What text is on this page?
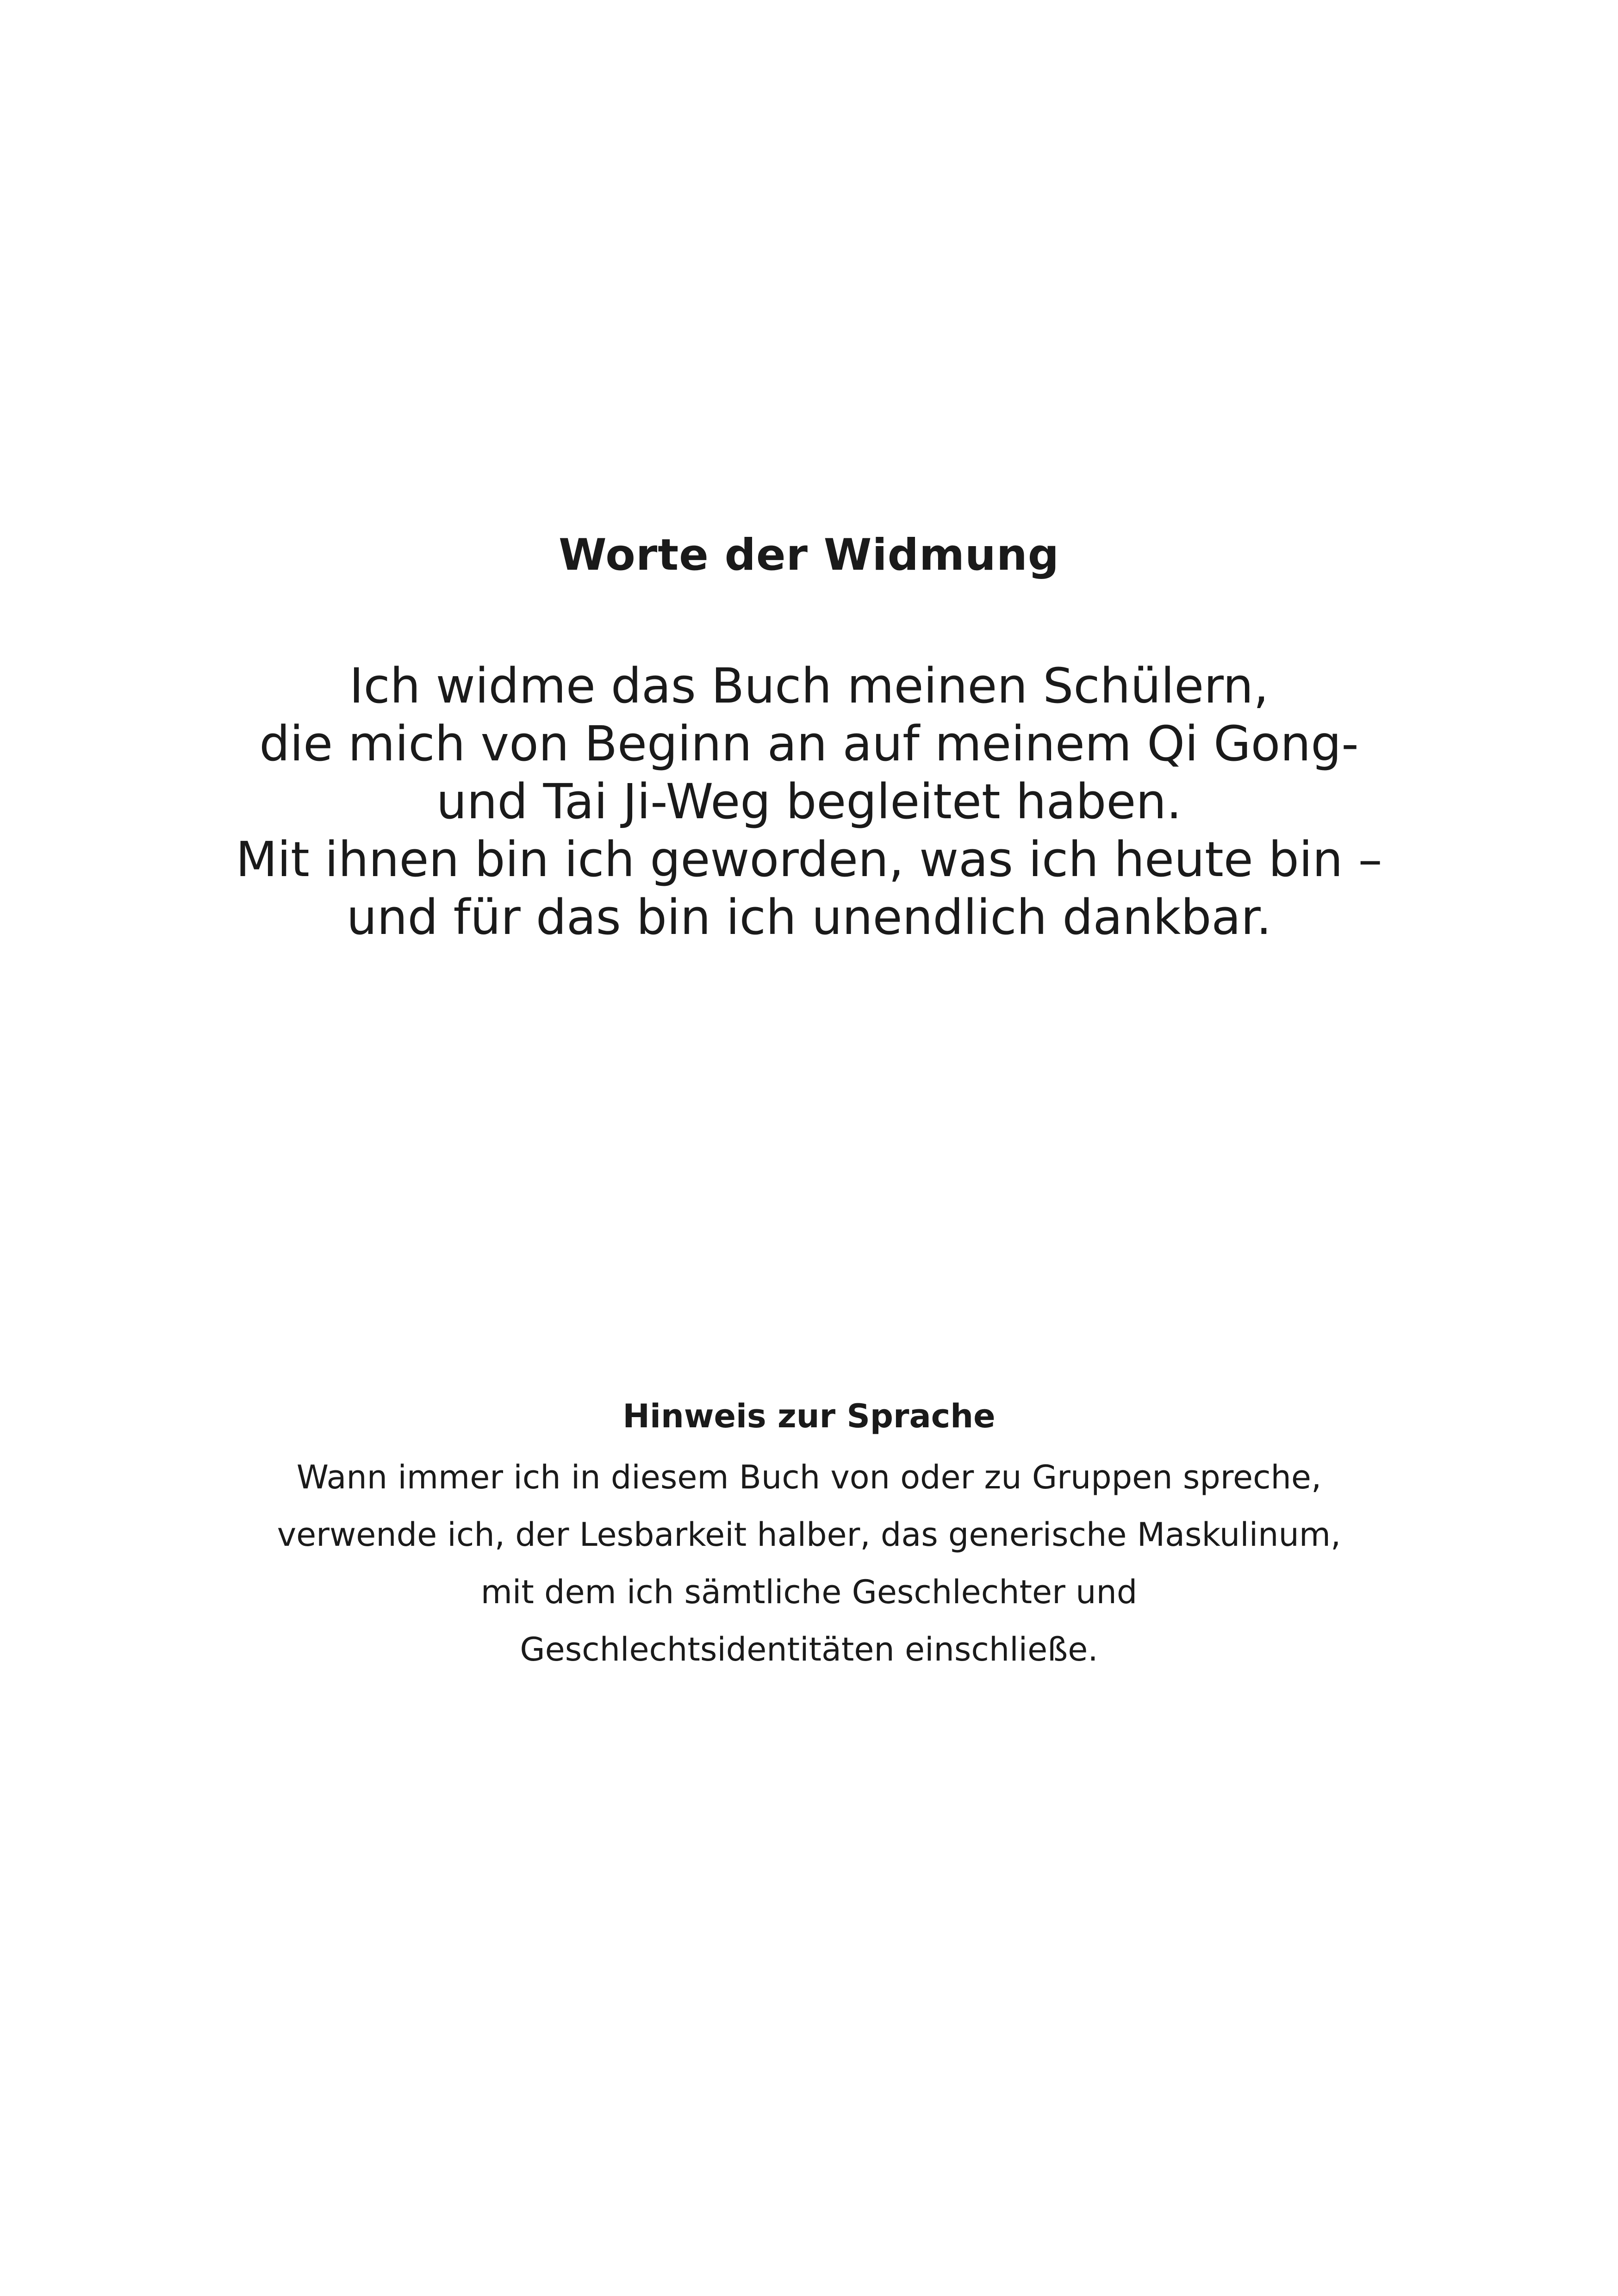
Worte der Widmung

Ich widme das Buch meinen Schülern,
die mich von Beginn an auf meinem Qi Gong-
und Tai Ji-Weg begleitet haben.
Mit ihnen bin ich geworden, was ich heute bin –
und für das bin ich unendlich dankbar.

Hinweis zur Sprache

Wann immer ich in diesem Buch von oder zu Gruppen spreche,
verwende ich, der Lesbarkeit halber, das generische Maskulinum,
mit dem ich sämtliche Geschlechter und
Geschlechtsidentitäten einschließe.
